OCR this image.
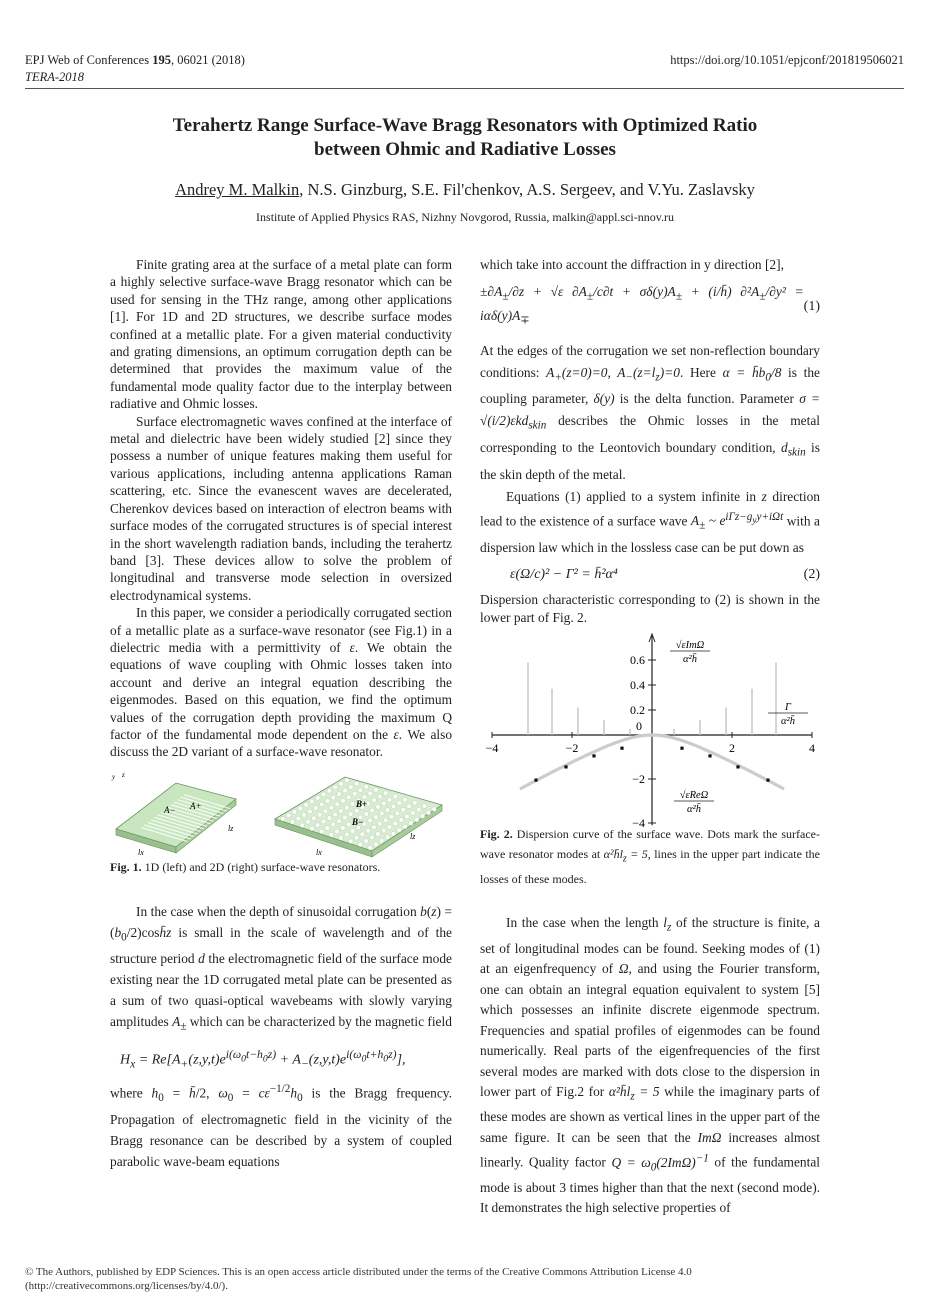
EPJ Web of Conferences 195, 06021 (2018)
TERA-2018
https://doi.org/10.1051/epjconf/201819506021
Terahertz Range Surface-Wave Bragg Resonators with Optimized Ratio
between Ohmic and Radiative Losses
Andrey M. Malkin, N.S. Ginzburg, S.E. Fil'chenkov, A.S. Sergeev, and V.Yu. Zaslavsky
Institute of Applied Physics RAS, Nizhny Novgorod, Russia, malkin@appl.sci-nnov.ru

Finite grating area at the surface of a metal plate can form a highly selective surface-wave Bragg resonator which can be used for sensing in the THz range, among other applications [1]. For 1D and 2D structures, we describe surface modes confined at a metallic plate. For a given material conductivity and grating dimensions, an optimum corrugation depth can be determined that provides the maximum value of the fundamental mode quality factor due to the interplay between radiative and Ohmic losses.

Surface electromagnetic waves confined at the interface of metal and dielectric have been widely studied [2] since they possess a number of unique features making them useful for various applications, including antenna applications Raman scattering, etc. Since the evanescent waves are decelerated, Cherenkov devices based on interaction of electron beams with surface modes of the corrugated structures is of special interest in the short wavelength radiation bands, including the terahertz band [3]. These devices allow to solve the problem of longitudinal and transverse mode selection in oversized electrodynamical systems.

In this paper, we consider a periodically corrugated section of a metallic plate as a surface-wave resonator (see Fig.1) in a dielectric media with a permittivity of ε. We obtain the equations of wave coupling with Ohmic losses taken into account and derive an integral equation describing the eigenmodes. Based on this equation, we find the optimum values of the corrugation depth providing the maximum Q factor of the fundamental mode dependent on the ε. We also discuss the 2D variant of a surface-wave resonator.

y z
A− A+
lz
lx
B+
B−
lz
lx
Fig. 1. 1D (left) and 2D (right) surface-wave resonators.

In the case when the depth of sinusoidal corrugation $b(z) = (b_0/2)\cosh̄z$ is small in the scale of wavelength and of the structure period d the electromagnetic field of the surface mode existing near the 1D corrugated metal plate can be presented as a sum of two quasi-optical wavebeams with slowly varying amplitudes $A_\pm$ which can be characterized by the magnetic field

$H_x = Re[A_+(z,y,t)e^{i(\omega_0t-h_0z)} + A_-(z,y,t)e^{i(\omega_0t+h_0z)}]$,

where $h_0$ = h̄/2, $\omega_0 = c\varepsilon^{-1/2}h_0$ is the Bragg frequency. Propagation of electromagnetic field in the vicinity of the Bragg resonance can be described by a system of coupled parabolic wave-beam equations

which take into account the diffraction in y direction [2],

$\pm\partial A_\pm/\partial z + √\varepsilon$ $\partial A_\pm/c\partial t + \sigma\delta(y)A_\pm$ + (i/h̄) $\partial^2A_\pm/\partial y^2 = i\alpha\delta(y)A_\mp$
(1)

At the edges of the corrugation we set non-reflection boundary conditions: $A_+(z=0)=0$, $A_-(z=l_z)=0$. Here $\alpha = h̄b_0/8$ is the coupling parameter, δ(y) is the delta function. Parameter σ = √(i/2)εkd$_{skin}$ describes the Ohmic losses in the metal corresponding to the Leontovich boundary condition, $d_{skin}$ is the skin depth of the metal.

Equations (1) applied to a system infinite in z direction lead to the existence of a surface wave $A_\pm$ ~ $e^{i\Gamma z-g_yy+i\Omega t}$ with a dispersion law which in the lossless case can be put down as

ε(Ω/c)² − Γ² = h̄²α⁴	(2)

Dispersion characteristic corresponding to (2) is shown in the lower part of Fig. 2.

−4	−2	2	4
0.6
0.4
0.2
−2
−4
0
√εImΩ
α²h̄
Γ
α²h̄
√εReΩ
α²h̄
Fig. 2. Dispersion curve of the surface wave. Dots mark the surface-wave resonator modes at $\alpha^2h̄l_z = 5$, lines in the upper part indicate the losses of these modes.

In the case when the length $l_z$ of the structure is finite, a set of longitudinal modes can be found. Seeking modes of (1) at an eigenfrequency of Ω, and using the Fourier transform, one can obtain an integral equation equivalent to system [5] which possesses an infinite discrete eigenmode spectrum. Frequencies and spatial profiles of eigenmodes can be found numerically. Real parts of the eigenfrequencies of the first several modes are marked with dots close to the dispersion in lower part of Fig.2 for $\alpha^2h̄l_z = 5$ while the imaginary parts of these modes are shown as vertical lines in the upper part of the same figure. It can be seen that the ImΩ increases almost linearly. Quality factor $Q = \omega_0(2Im\Omega)^{-1}$ of the fundamental mode is about 3 times higher than that the next (second mode). It demonstrates the high selective properties of

© The Authors, published by EDP Sciences. This is an open access article distributed under the terms of the Creative Commons Attribution License 4.0
(http://creativecommons.org/licenses/by/4.0/).
